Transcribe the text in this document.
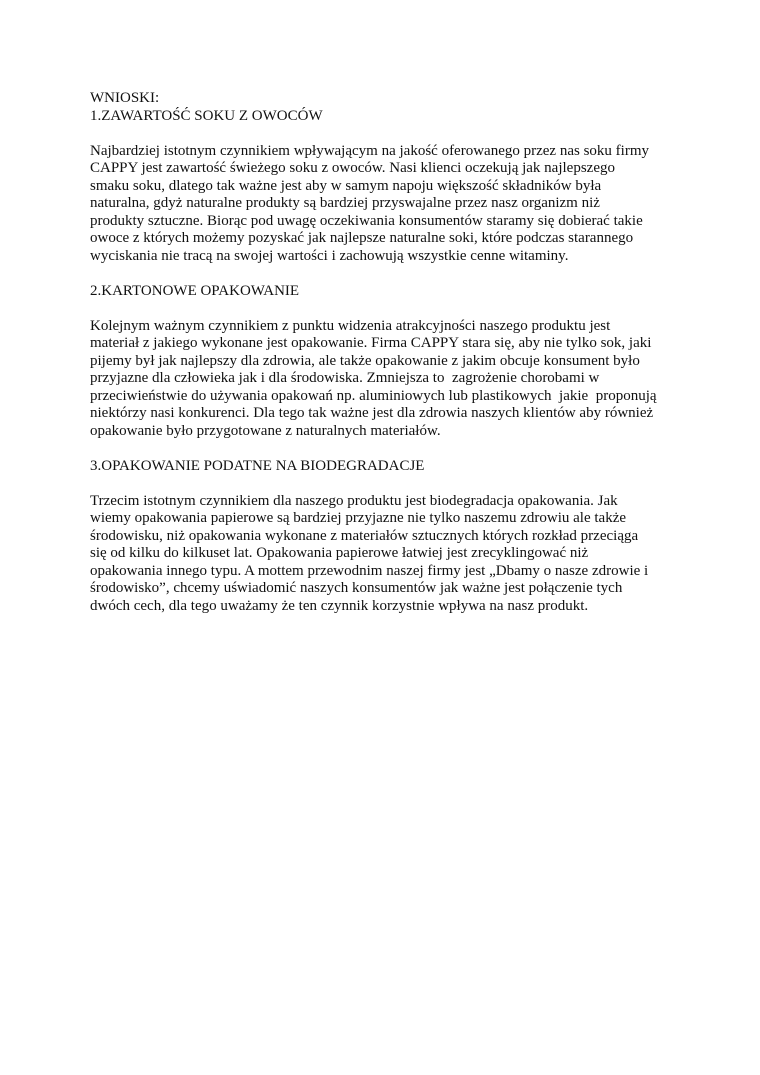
WNIOSKI:
1.ZAWARTOŚĆ SOKU Z OWOCÓW
Najbardziej istotnym czynnikiem wpływającym na jakość oferowanego przez nas soku firmy
CAPPY jest zawartość świeżego soku z owoców. Nasi klienci oczekują jak najlepszego
smaku soku, dlatego tak ważne jest aby w samym napoju większość składników była
naturalna, gdyż naturalne produkty są bardziej przyswajalne przez nasz organizm niż
produkty sztuczne. Biorąc pod uwagę oczekiwania konsumentów staramy się dobierać takie
owoce z których możemy pozyskać jak najlepsze naturalne soki, które podczas starannego
wyciskania nie tracą na swojej wartości i zachowują wszystkie cenne witaminy.
2.KARTONOWE OPAKOWANIE
Kolejnym ważnym czynnikiem z punktu widzenia atrakcyjności naszego produktu jest
materiał z jakiego wykonane jest opakowanie. Firma CAPPY stara się, aby nie tylko sok, jaki
pijemy był jak najlepszy dla zdrowia, ale także opakowanie z jakim obcuje konsument było
przyjazne dla człowieka jak i dla środowiska. Zmniejsza to  zagrożenie chorobami w
przeciwieństwie do używania opakowań np. aluminiowych lub plastikowych  jakie  proponują
niektórzy nasi konkurenci. Dla tego tak ważne jest dla zdrowia naszych klientów aby również
opakowanie było przygotowane z naturalnych materiałów.
3.OPAKOWANIE PODATNE NA BIODEGRADACJE
Trzecim istotnym czynnikiem dla naszego produktu jest biodegradacja opakowania. Jak
wiemy opakowania papierowe są bardziej przyjazne nie tylko naszemu zdrowiu ale także
środowisku, niż opakowania wykonane z materiałów sztucznych których rozkład przeciąga
się od kilku do kilkuset lat. Opakowania papierowe łatwiej jest zrecyklingować niż
opakowania innego typu. A mottem przewodnim naszej firmy jest „Dbamy o nasze zdrowie i
środowisko”, chcemy uświadomić naszych konsumentów jak ważne jest połączenie tych
dwóch cech, dla tego uważamy że ten czynnik korzystnie wpływa na nasz produkt.
